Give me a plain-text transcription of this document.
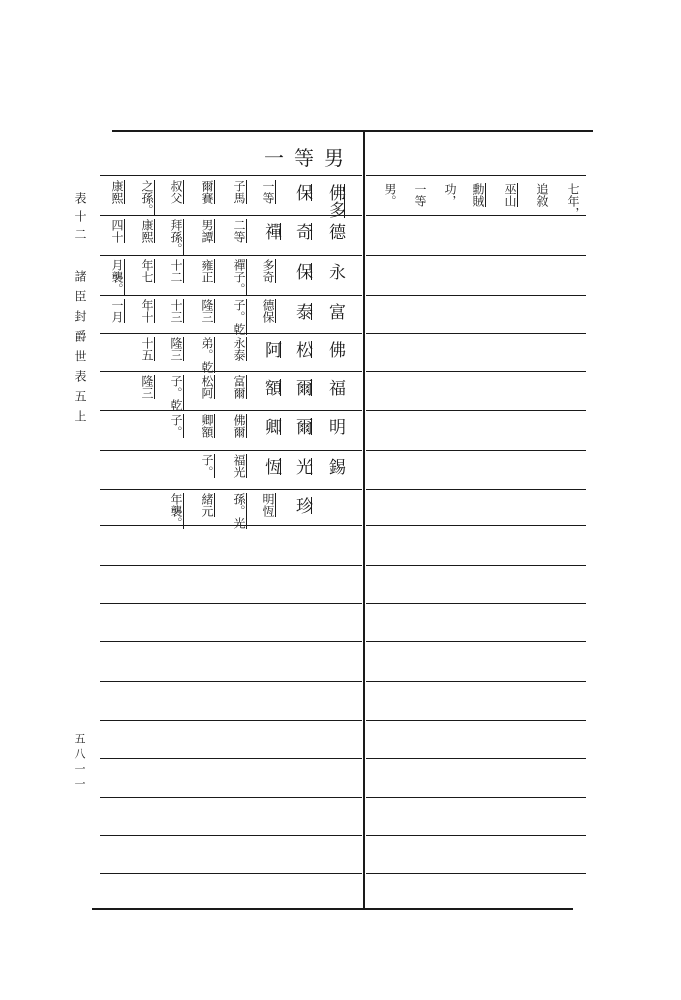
表十二
諸臣封爵世表五上
五八一一
一等男
佛多
保
一等
子馬
爾賽
叔父
之孫。
康熙
德
奇
禪
二等
男譚
拜孫。
康熙
四十
永
保
多奇
禪子。
雍正
十二
年七
月襲。
富
泰
德保
子。乾
隆三
十三
年十
一月
佛
松
阿
永泰
弟。乾
隆三
十五
福
爾
額
富爾
松阿
子。乾
隆三
明
爾
卿
佛爾
卿額
子。
錫
光
恆
福光
子。
珍
明恆
孫。光
緒元
年襲。
七年，
追敘
巫山
勳賊
功，
一等
男。
